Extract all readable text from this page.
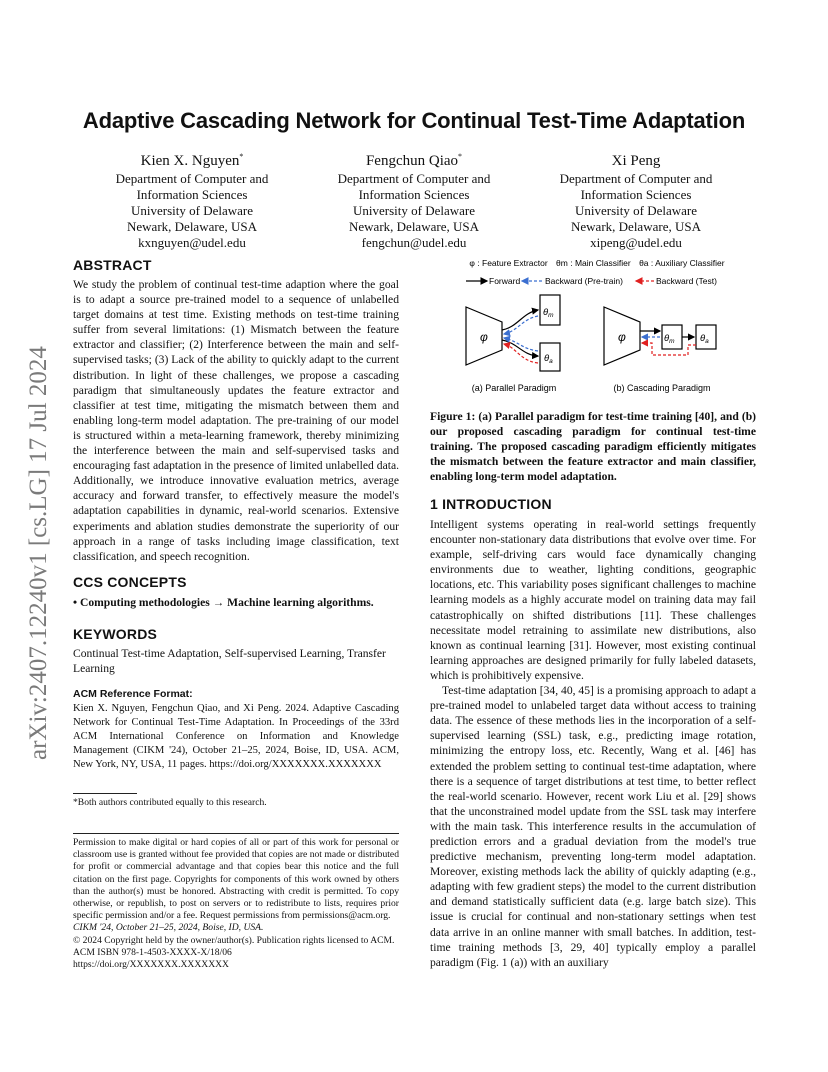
arXiv:2407.12240v1 [cs.LG] 17 Jul 2024
Adaptive Cascading Network for Continual Test-Time Adaptation
Kien X. Nguyen*
Department of Computer and
Information Sciences
University of Delaware
Newark, Delaware, USA
kxnguyen@udel.edu
Fengchun Qiao*
Department of Computer and
Information Sciences
University of Delaware
Newark, Delaware, USA
fengchun@udel.edu
Xi Peng
Department of Computer and
Information Sciences
University of Delaware
Newark, Delaware, USA
xipeng@udel.edu
ABSTRACT

We study the problem of continual test-time adaption where the goal is to adapt a source pre-trained model to a sequence of unlabelled target domains at test time. Existing methods on test-time training suffer from several limitations: (1) Mismatch between the feature extractor and classifier; (2) Interference between the main and self-supervised tasks; (3) Lack of the ability to quickly adapt to the current distribution. In light of these challenges, we propose a cascading paradigm that simultaneously updates the feature extractor and classifier at test time, mitigating the mismatch between them and enabling long-term model adaptation. The pre-training of our model is structured within a meta-learning framework, thereby minimizing the interference between the main and self-supervised tasks and encouraging fast adaptation in the presence of limited unlabelled data. Additionally, we introduce innovative evaluation metrics, average accuracy and forward transfer, to effectively measure the model's adaptation capabilities in dynamic, real-world scenarios. Extensive experiments and ablation studies demonstrate the superiority of our approach in a range of tasks including image classification, text classification, and speech recognition.

CCS CONCEPTS

• Computing methodologies → Machine learning algorithms.

KEYWORDS

Continual Test-time Adaptation, Self-supervised Learning, Transfer Learning

ACM Reference Format:

Kien X. Nguyen, Fengchun Qiao, and Xi Peng. 2024. Adaptive Cascading Network for Continual Test-Time Adaptation. In Proceedings of the 33rd ACM International Conference on Information and Knowledge Management (CIKM '24), October 21–25, 2024, Boise, ID, USA. ACM, New York, NY, USA, 11 pages. https://doi.org/XXXXXXX.XXXXXXX

*Both authors contributed equally to this research.
Permission to make digital or hard copies of all or part of this work for personal or classroom use is granted without fee provided that copies are not made or distributed for profit or commercial advantage and that copies bear this notice and the full citation on the first page. Copyrights for components of this work owned by others than the author(s) must be honored. Abstracting with credit is permitted. To copy otherwise, or republish, to post on servers or to redistribute to lists, requires prior specific permission and/or a fee. Request permissions from permissions@acm.org.
CIKM '24, October 21–25, 2024, Boise, ID, USA.
© 2024 Copyright held by the owner/author(s). Publication rights licensed to ACM.
ACM ISBN 978-1-4503-XXXX-X/18/06
https://doi.org/XXXXXXX.XXXXXXX
φ : Feature Extractor θm : Main Classifier θa : Auxiliary Classifier
Forward	Backward (Pre-train)	Backward (Test)
φ
$\theta_m$
$\theta_a$
φ	$\theta_m$	$\theta_a$
(a) Parallel Paradigm	(b) Cascading Paradigm

Figure 1: (a) Parallel paradigm for test-time training [40], and (b) our proposed cascading paradigm for continual test-time training. The proposed cascading paradigm efficiently mitigates the mismatch between the feature extractor and main classifier, enabling long-term model adaptation.

1 INTRODUCTION

Intelligent systems operating in real-world settings frequently encounter non-stationary data distributions that evolve over time. For example, self-driving cars would face dynamically changing environments due to weather, lighting conditions, geographic locations, etc. This variability poses significant challenges to machine learning models as a highly accurate model on training data may fail catastrophically on shifted distributions [11]. These challenges necessitate model retraining to assimilate new distributions, also known as continual learning [31]. However, most existing continual learning approaches are designed primarily for fully labeled datasets, which is prohibitively expensive.

Test-time adaptation [34, 40, 45] is a promising approach to adapt a pre-trained model to unlabeled target data without access to training data. The essence of these methods lies in the incorporation of a self-supervised learning (SSL) task, e.g., predicting image rotation, minimizing the entropy loss, etc. Recently, Wang et al. [46] has extended the problem setting to continual test-time adaptation, where there is a sequence of target distributions at test time, to better reflect the real-world scenario. However, recent work Liu et al. [29] shows that the unconstrained model update from the SSL task may interfere with the main task. This interference results in the accumulation of prediction errors and a gradual deviation from the model's true predictive mechanism, preventing long-term model adaptation. Moreover, existing methods lack the ability of quickly adapting (e.g., adapting with few gradient steps) the model to the current distribution and demand statistically sufficient data (e.g. large batch size). This issue is crucial for continual and non-stationary settings when test data arrive in an online manner with small batches. In addition, test-time training methods [3, 29, 40] typically employ a parallel paradigm (Fig. 1 (a)) with an auxiliary
